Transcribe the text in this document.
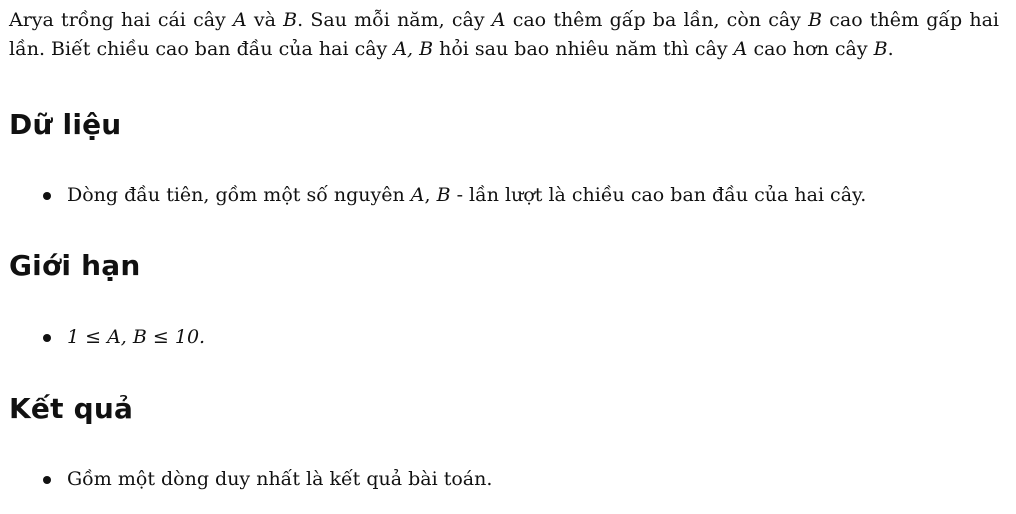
Arya trồng hai cái cây A và B. Sau mỗi năm, cây A cao thêm gấp ba lần, còn cây B cao thêm gấp hai lần. Biết chiều cao ban đầu của hai cây A, B hỏi sau bao nhiêu năm thì cây A cao hơn cây B.

Dữ liệu
Dòng đầu tiên, gồm một số nguyên A, B - lần lượt là chiều cao ban đầu của hai cây.
Giới hạn
1 ≤ A, B ≤ 10.
Kết quả
Gồm một dòng duy nhất là kết quả bài toán.
